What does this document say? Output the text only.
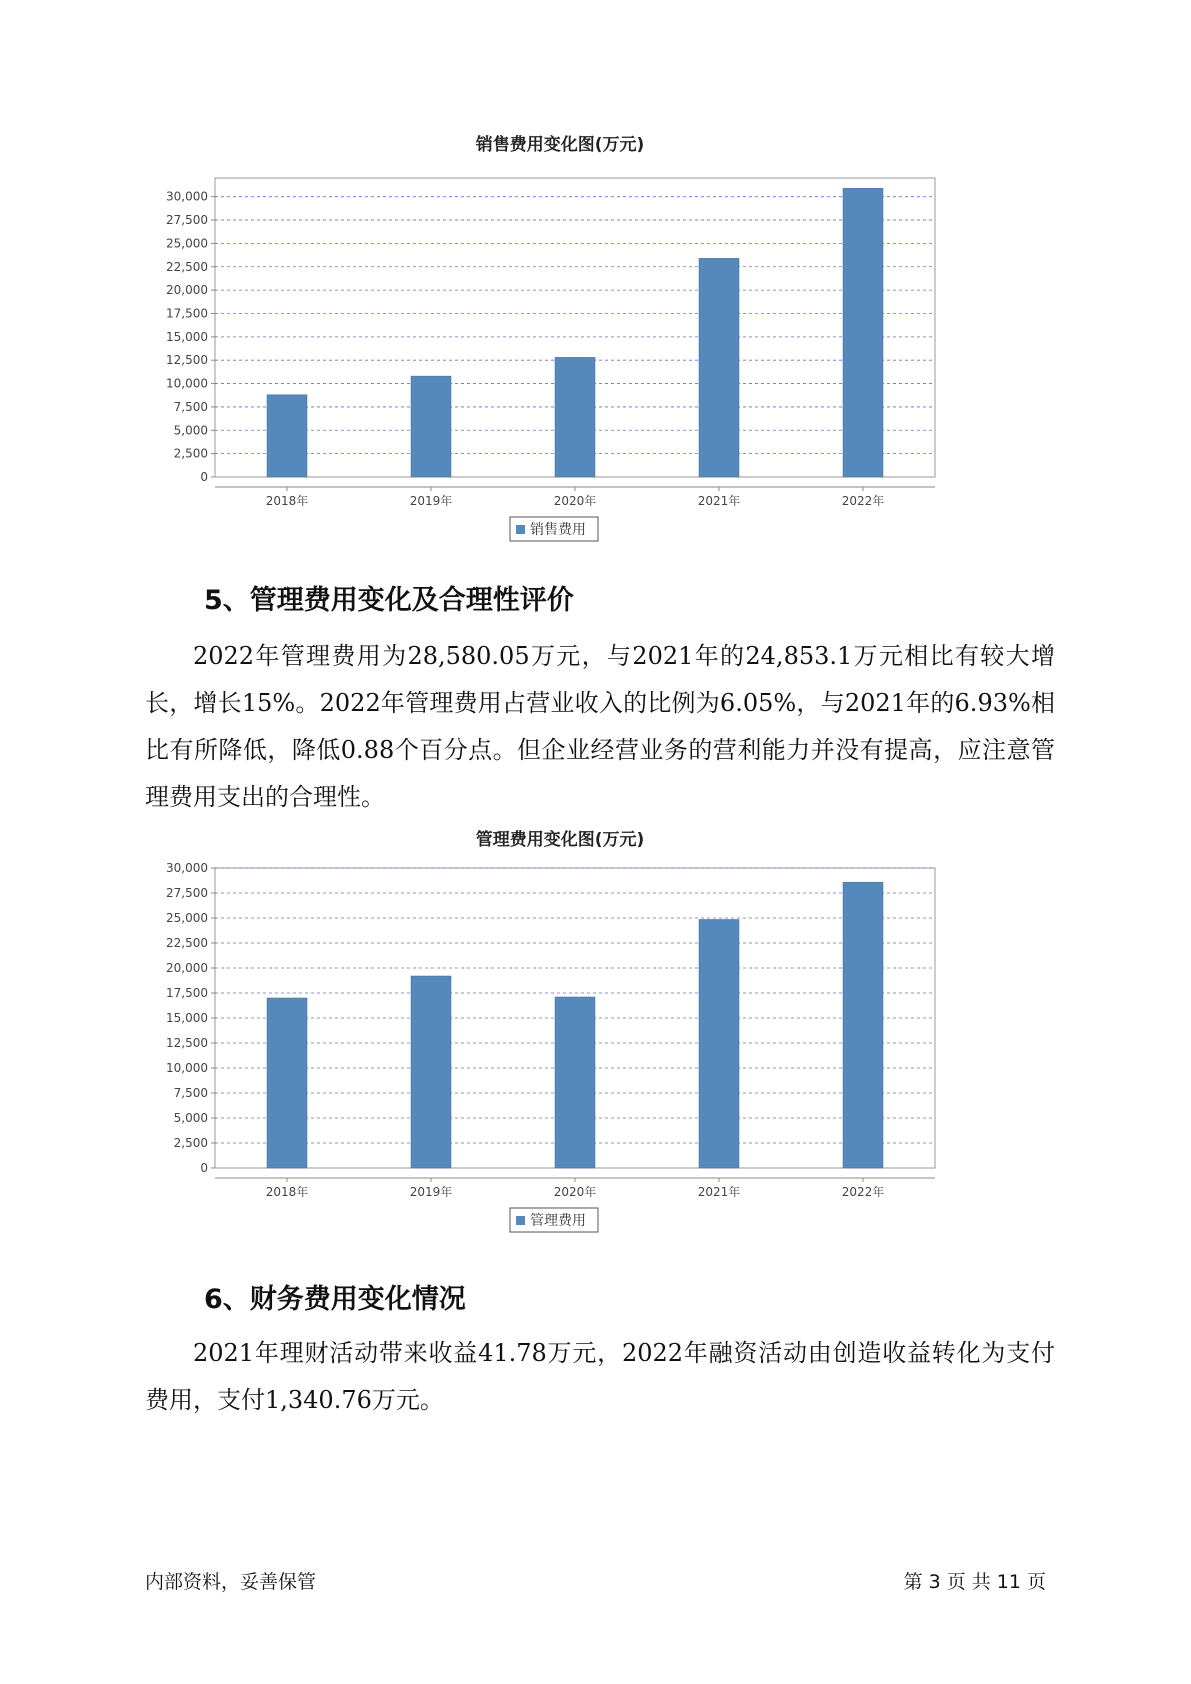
销售费用变化图(万元)
0
2,500
5,000
7,500
10,000
12,500
15,000
17,500
20,000
22,500
25,000
27,500
30,000
2018年	2019年	2020年	2021年	2022年
销售费用
5、管理费用变化及合理性评价

2022年管理费用为28,580.05万元，与2021年的24,853.1万元相比有较大增长，增长15%。2022年管理费用占营业收入的比例为6.05%，与2021年的6.93%相比有所降低，降低0.88个百分点。但企业经营业务的营利能力并没有提高，应注意管理费用支出的合理性。

管理费用变化图(万元)
0
2,500
5,000
7,500
10,000
12,500
15,000
17,500
20,000
22,500
25,000
27,500
30,000
2018年	2019年	2020年	2021年	2022年
管理费用
6、财务费用变化情况

2021年理财活动带来收益41.78万元，2022年融资活动由创造收益转化为支付费用，支付1,340.76万元。

内部资料，妥善保管	第 3 页 共 11 页
